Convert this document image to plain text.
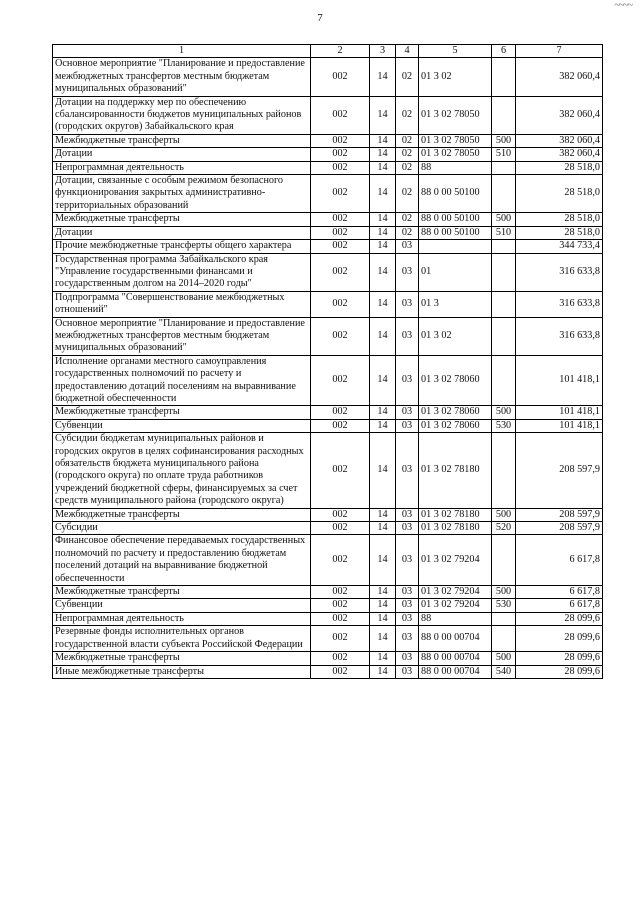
7
~~~~
1	2	3	4	5	6	7
Основное мероприятие "Планирование и предоставление межбюджетных трансфертов местным бюджетам муниципальных образований"	002	14	02	01 3 02		382 060,4
Дотации на поддержку мер по обеспечению сбалансированности бюджетов муниципальных районов (городских округов) Забайкальского края	002	14	02	01 3 02 78050		382 060,4
Межбюджетные трансферты	002	14	02	01 3 02 78050	500	382 060,4
Дотации	002	14	02	01 3 02 78050	510	382 060,4
Непрограммная деятельность	002	14	02	88		28 518,0
Дотации, связанные с особым режимом безопасного функционирования закрытых административно-территориальных образований	002	14	02	88 0 00 50100		28 518,0
Межбюджетные трансферты	002	14	02	88 0 00 50100	500	28 518,0
Дотации	002	14	02	88 0 00 50100	510	28 518,0
Прочие межбюджетные трансферты общего характера	002	14	03			344 733,4
Государственная программа Забайкальского края "Управление государственными финансами и государственным долгом на 2014–2020 годы"	002	14	03	01		316 633,8
Подпрограмма "Совершенствование межбюджетных отношений"	002	14	03	01 3		316 633,8
Основное мероприятие "Планирование и предоставление межбюджетных трансфертов местным бюджетам муниципальных образований"	002	14	03	01 3 02		316 633,8
Исполнение органами местного самоуправления государственных полномочий по расчету и предоставлению дотаций поселениям на выравнивание бюджетной обеспеченности	002	14	03	01 3 02 78060		101 418,1
Межбюджетные трансферты	002	14	03	01 3 02 78060	500	101 418,1
Субвенции	002	14	03	01 3 02 78060	530	101 418,1
Субсидии бюджетам муниципальных районов и городских округов в целях софинансирования расходных обязательств бюджета муниципального района (городского округа) по оплате труда работников учреждений бюджетной сферы, финансируемых за счет средств муниципального района (городского округа)	002	14	03	01 3 02 78180		208 597,9
Межбюджетные трансферты	002	14	03	01 3 02 78180	500	208 597,9
Субсидии	002	14	03	01 3 02 78180	520	208 597,9
Финансовое обеспечение передаваемых государственных полномочий по расчету и предоставлению бюджетам поселений дотаций на выравнивание бюджетной обеспеченности	002	14	03	01 3 02 79204		6 617,8
Межбюджетные трансферты	002	14	03	01 3 02 79204	500	6 617,8
Субвенции	002	14	03	01 3 02 79204	530	6 617,8
Непрограммная деятельность	002	14	03	88		28 099,6
Резервные фонды исполнительных органов государственной власти субъекта Российской Федерации	002	14	03	88 0 00 00704		28 099,6
Межбюджетные трансферты	002	14	03	88 0 00 00704	500	28 099,6
Иные межбюджетные трансферты	002	14	03	88 0 00 00704	540	28 099,6
